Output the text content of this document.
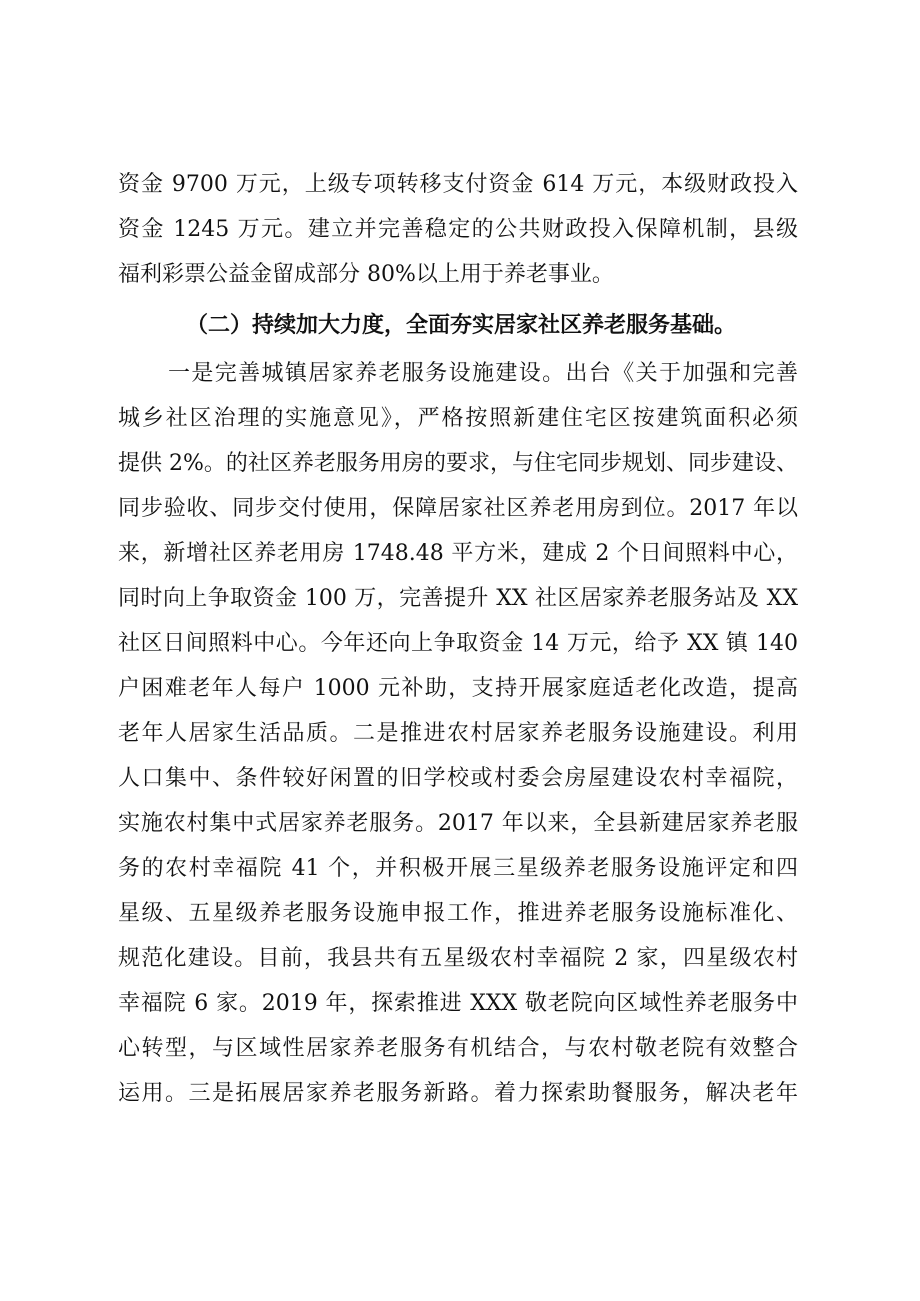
资金 9700 万元，上级专项转移支付资金 614 万元，本级财政投入
资金 1245 万元。建立并完善稳定的公共财政投入保障机制，县级
福利彩票公益金留成部分 80%以上用于养老事业。
（二）持续加大力度，全面夯实居家社区养老服务基础。
一是完善城镇居家养老服务设施建设。出台《关于加强和完善
城乡社区治理的实施意见》，严格按照新建住宅区按建筑面积必须
提供 2%。的社区养老服务用房的要求，与住宅同步规划、同步建设、
同步验收、同步交付使用，保障居家社区养老用房到位。2017 年以
来，新增社区养老用房 1748.48 平方米，建成 2 个日间照料中心，
同时向上争取资金 100 万，完善提升 XX 社区居家养老服务站及 XX
社区日间照料中心。今年还向上争取资金 14 万元，给予 XX 镇 140
户困难老年人每户 1000 元补助，支持开展家庭适老化改造，提高
老年人居家生活品质。二是推进农村居家养老服务设施建设。利用
人口集中、条件较好闲置的旧学校或村委会房屋建设农村幸福院，
实施农村集中式居家养老服务。2017 年以来，全县新建居家养老服
务的农村幸福院 41 个，并积极开展三星级养老服务设施评定和四
星级、五星级养老服务设施申报工作，推进养老服务设施标准化、
规范化建设。目前，我县共有五星级农村幸福院 2 家，四星级农村
幸福院 6 家。2019 年，探索推进 XXX 敬老院向区域性养老服务中
心转型，与区域性居家养老服务有机结合，与农村敬老院有效整合
运用。三是拓展居家养老服务新路。着力探索助餐服务，解决老年
